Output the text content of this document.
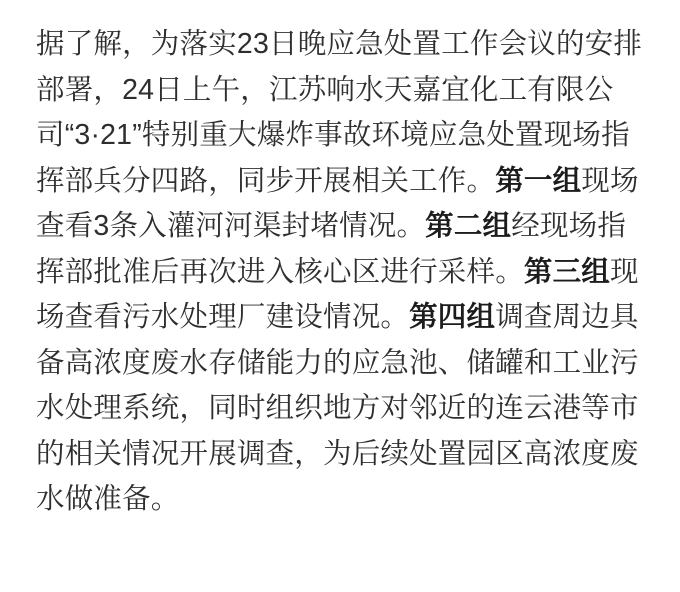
据了解，为落实23日晚应急处置工作会议的安排部署，24日上午，江苏响水天嘉宜化工有限公司“3·21”特别重大爆炸事故环境应急处置现场指挥部兵分四路，同步开展相关工作。第一组现场查看3条入灌河河渠封堵情况。第二组经现场指挥部批准后再次进入核心区进行采样。第三组现场查看污水处理厂建设情况。第四组调查周边具备高浓度废水存储能力的应急池、储罐和工业污水处理系统，同时组织地方对邻近的连云港等市的相关情况开展调查，为后续处置园区高浓度废水做准备。
